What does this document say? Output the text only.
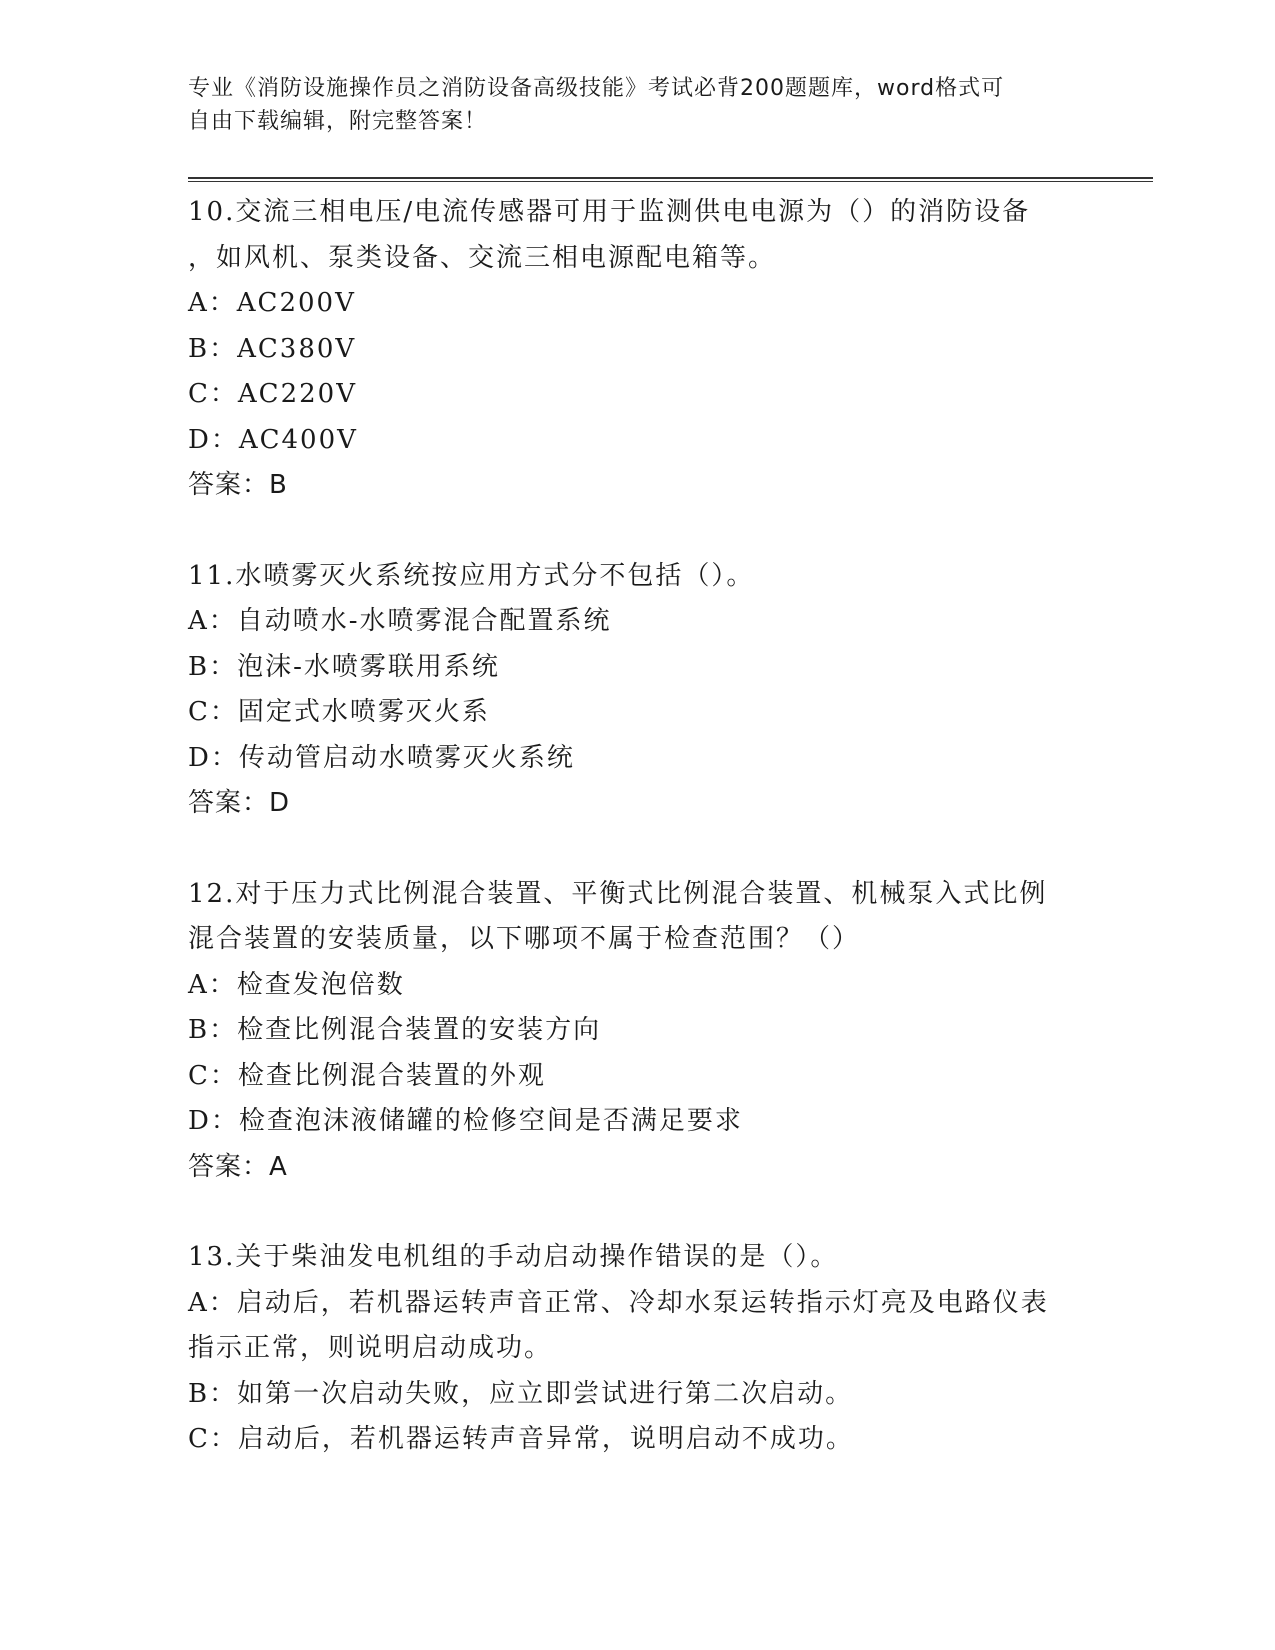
专业《消防设施操作员之消防设备高级技能》考试必背200题题库，word格式可
自由下载编辑，附完整答案！
10.交流三相电压/电流传感器可用于监测供电电源为（）的消防设备
，如风机、泵类设备、交流三相电源配电箱等。
A：AC200V
B：AC380V
C：AC220V
D：AC400V
答案：B
11.水喷雾灭火系统按应用方式分不包括（）。
A：自动喷水-水喷雾混合配置系统
B：泡沫-水喷雾联用系统
C：固定式水喷雾灭火系
D：传动管启动水喷雾灭火系统
答案：D
12.对于压力式比例混合装置、平衡式比例混合装置、机械泵入式比例
混合装置的安装质量，以下哪项不属于检查范围？（）
A：检查发泡倍数
B：检查比例混合装置的安装方向
C：检查比例混合装置的外观
D：检查泡沫液储罐的检修空间是否满足要求
答案：A
13.关于柴油发电机组的手动启动操作错误的是（）。
A：启动后，若机器运转声音正常、冷却水泵运转指示灯亮及电路仪表
指示正常，则说明启动成功。
B：如第一次启动失败，应立即尝试进行第二次启动。
C：启动后，若机器运转声音异常，说明启动不成功。
